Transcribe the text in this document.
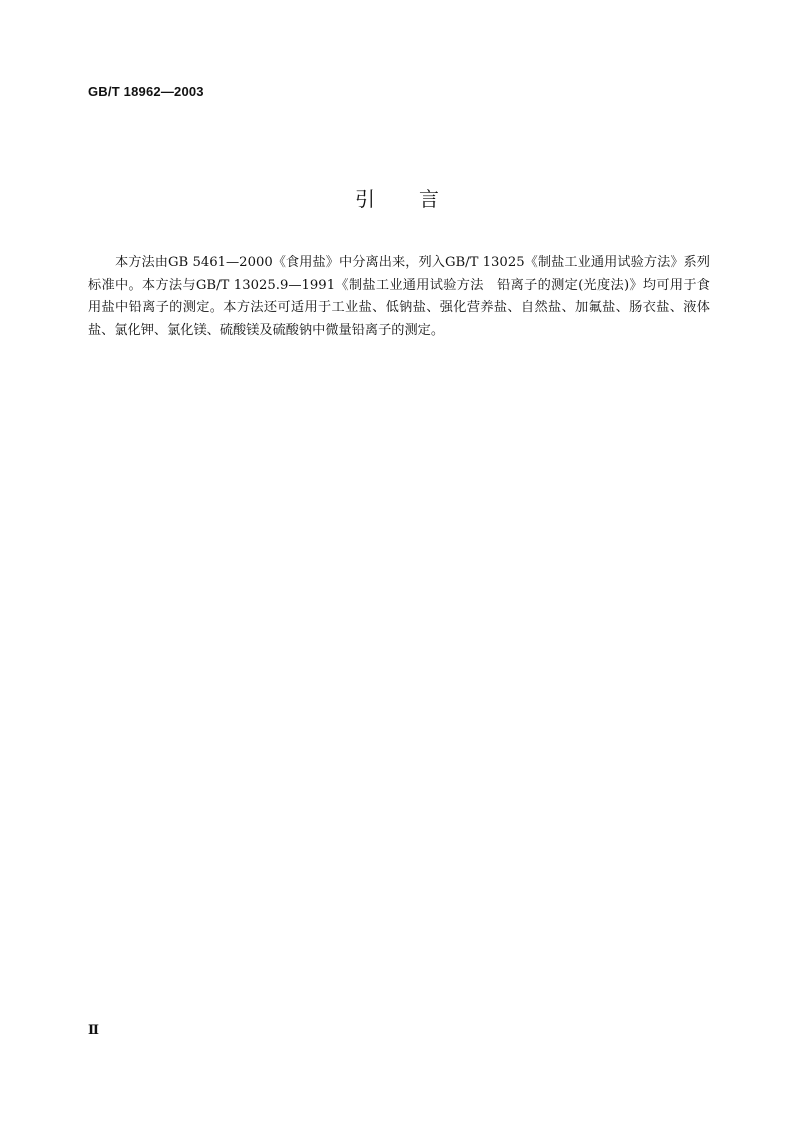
GB/T 18962—2003
引言

本方法由GB 5461—2000《食用盐》中分离出来，列入GB/T 13025《制盐工业通用试验方法》系列标准中。本方法与GB/T 13025.9—1991《制盐工业通用试验方法　铅离子的测定(光度法)》均可用于食用盐中铅离子的测定。本方法还可适用于工业盐、低钠盐、强化营养盐、自然盐、加氟盐、肠衣盐、液体盐、氯化钾、氯化镁、硫酸镁及硫酸钠中微量铅离子的测定。

Ⅱ
